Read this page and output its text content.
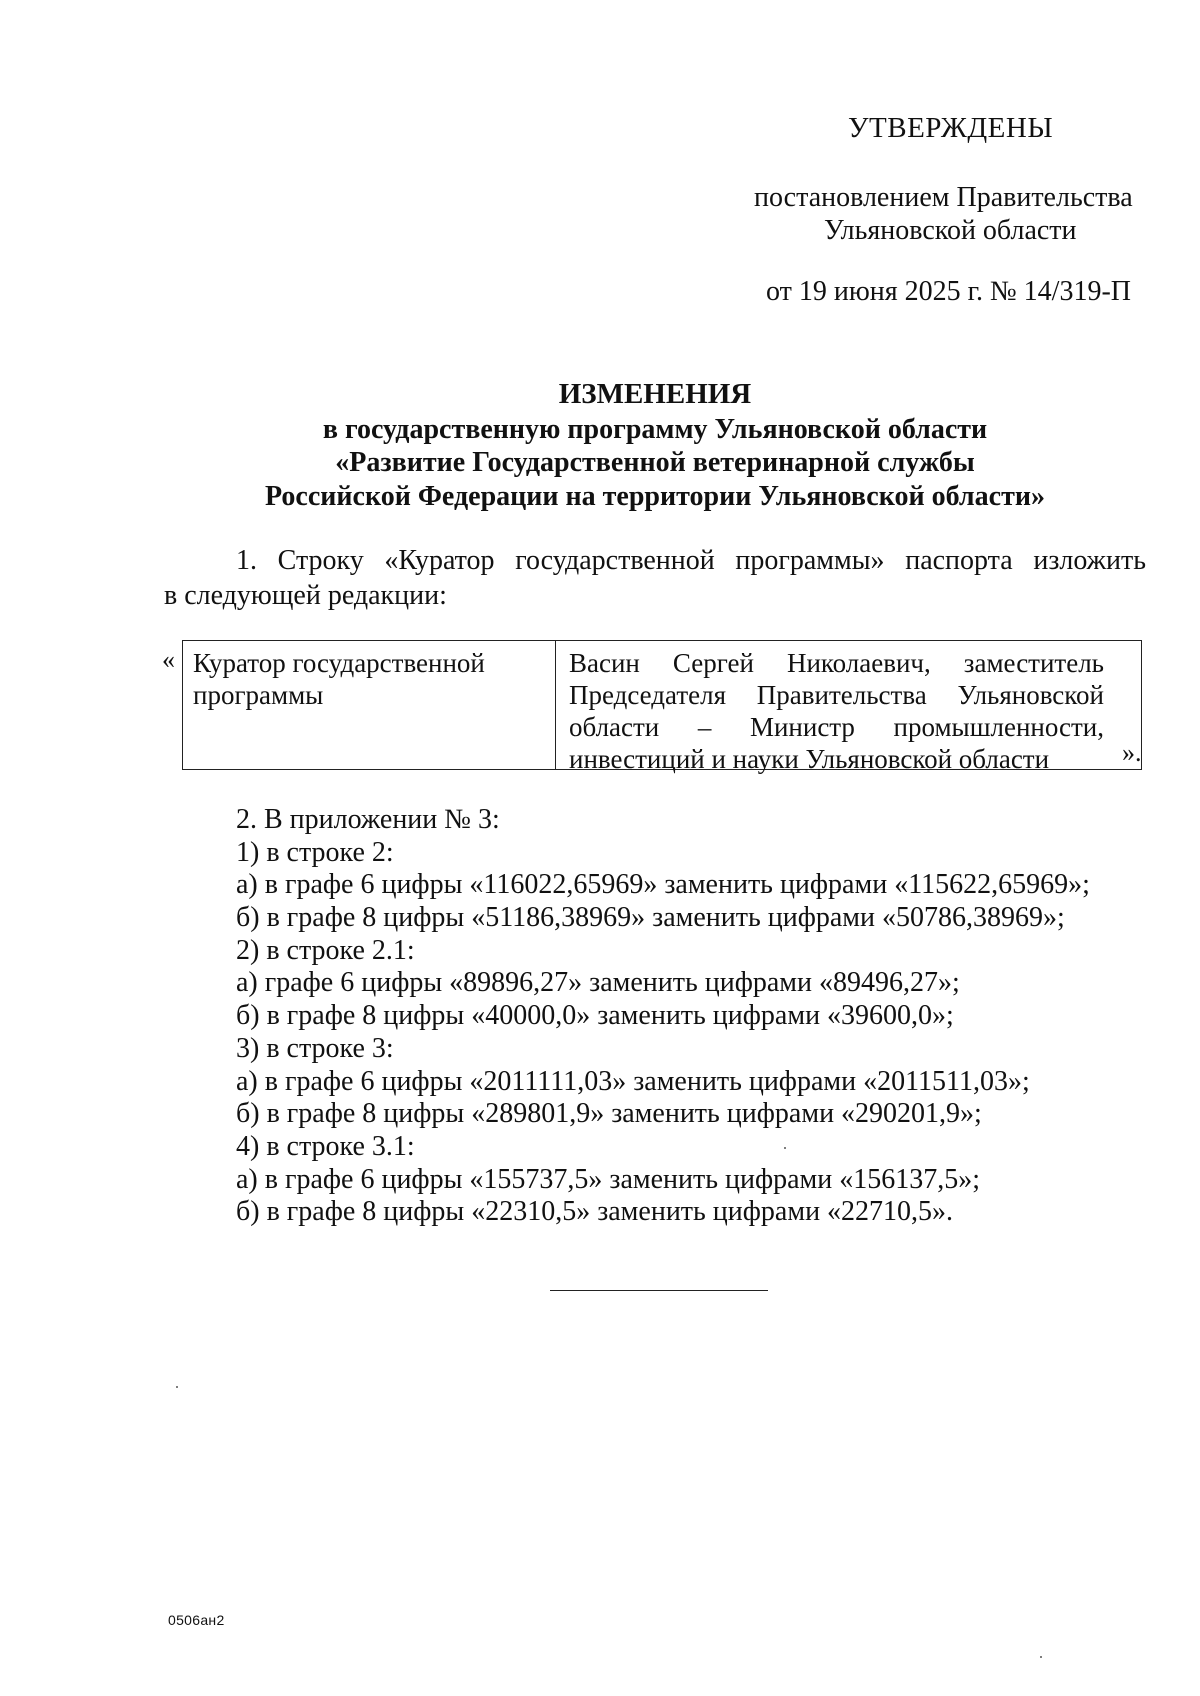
УТВЕРЖДЕНЫ
постановлением Правительства
Ульяновской области
от 19 июня 2025 г. № 14/319-П
ИЗМЕНЕНИЯ
в государственную программу Ульяновской области
«Развитие Государственной ветеринарной службы
Российской Федерации на территории Ульяновской области»
1. Строку «Куратор государственной программы» паспорта изложить
в следующей редакции:
« Куратор государственной
программы
Васин Сергей Николаевич, заместитель
Председателя Правительства Ульяновской
области – Министр промышленности,
инвестиций и науки Ульяновской области	».
2. В приложении № 3:
1) в строке 2:
а) в графе 6 цифры «116022,65969» заменить цифрами «115622,65969»;
б) в графе 8 цифры «51186,38969» заменить цифрами «50786,38969»;
2) в строке 2.1:
а) графе 6 цифры «89896,27» заменить цифрами «89496,27»;
б) в графе 8 цифры «40000,0» заменить цифрами «39600,0»;
3) в строке 3:
а) в графе 6 цифры «2011111,03» заменить цифрами «2011511,03»;
б) в графе 8 цифры «289801,9» заменить цифрами «290201,9»;
4) в строке 3.1:
а) в графе 6 цифры «155737,5» заменить цифрами «156137,5»;
б) в графе 8 цифры «22310,5» заменить цифрами «22710,5».
0506ан2
